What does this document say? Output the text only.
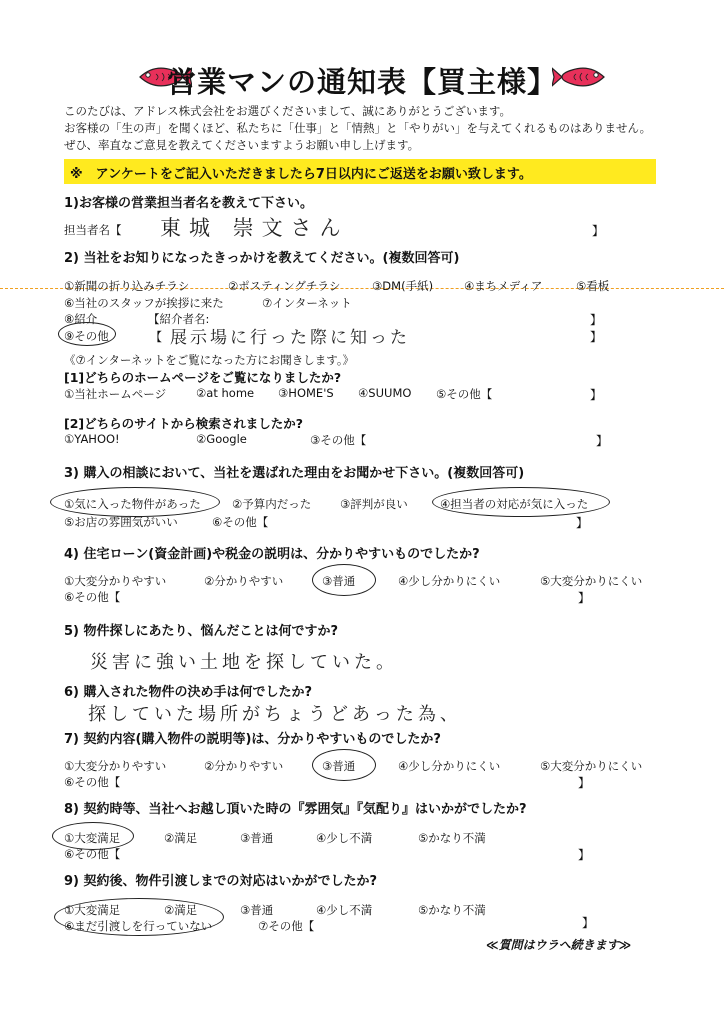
営業マンの通知表【買主様】
このたびは、アドレス株式会社をお選びくださいまして、誠にありがとうございます。
お客様の「生の声」を聞くほど、私たちに「仕事」と「情熱」と「やりがい」を与えてくれるものはありません。
ぜひ、率直なご意見を教えてくださいますようお願い申し上げます。
※　アンケートをご記入いただきましたら7日以内にご返送をお願い致します。
1)お客様の営業担当者名を教えて下さい。
担当者名【 東城 崇文さん	】
2) 当社をお知りになったきっかけを教えてください。(複数回答可)
①新聞の折り込みチラシ	②ポスティングチラシ	③DM(手紙)	④まちメディア	⑤看板
⑥当社のスタッフが挨拶に来た	⑦インターネット
⑧紹介	【紹介者名:	】
⑨その他	【 展示場に行った際に知った	】
《⑦インターネットをご覧になった方にお聞きします。》
[1]どちらのホームページをご覧になりましたか?
①当社ホームページ	②at home ③HOME'S ④SUUMO ⑤その他【	】
[2]どちらのサイトから検索されましたか?
①YAHOO!	②Google	③その他【	】
3) 購入の相談において、当社を選ばれた理由をお聞かせ下さい。(複数回答可)
①気に入った物件があった	②予算内だった ③評判が良い	④担当者の対応が気に入った
⑤お店の雰囲気がいい	⑥その他【	】
4) 住宅ローン(資金計画)や税金の説明は、分かりやすいものでしたか?
①大変分かりやすい	②分かりやすい	③普通	④少し分かりにくい	⑤大変分かりにくい
⑥その他【	】
5) 物件探しにあたり、悩んだことは何ですか?
災害に強い土地を探していた。
6) 購入された物件の決め手は何でしたか?
探していた場所がちょうどあった為、
7) 契約内容(購入物件の説明等)は、分かりやすいものでしたか?
①大変分かりやすい	②分かりやすい	③普通	④少し分かりにくい	⑤大変分かりにくい
⑥その他【	】
8) 契約時等、当社へお越し頂いた時の『雰囲気』『気配り』はいかがでしたか?
①大変満足	②満足	③普通	④少し不満	⑤かなり不満
⑥その他【	】
9) 契約後、物件引渡しまでの対応はいかがでしたか?
①大変満足	②満足	③普通	④少し不満	⑤かなり不満
⑥まだ引渡しを行っていない	⑦その他【	】
≪質問はウラへ続きます≫
